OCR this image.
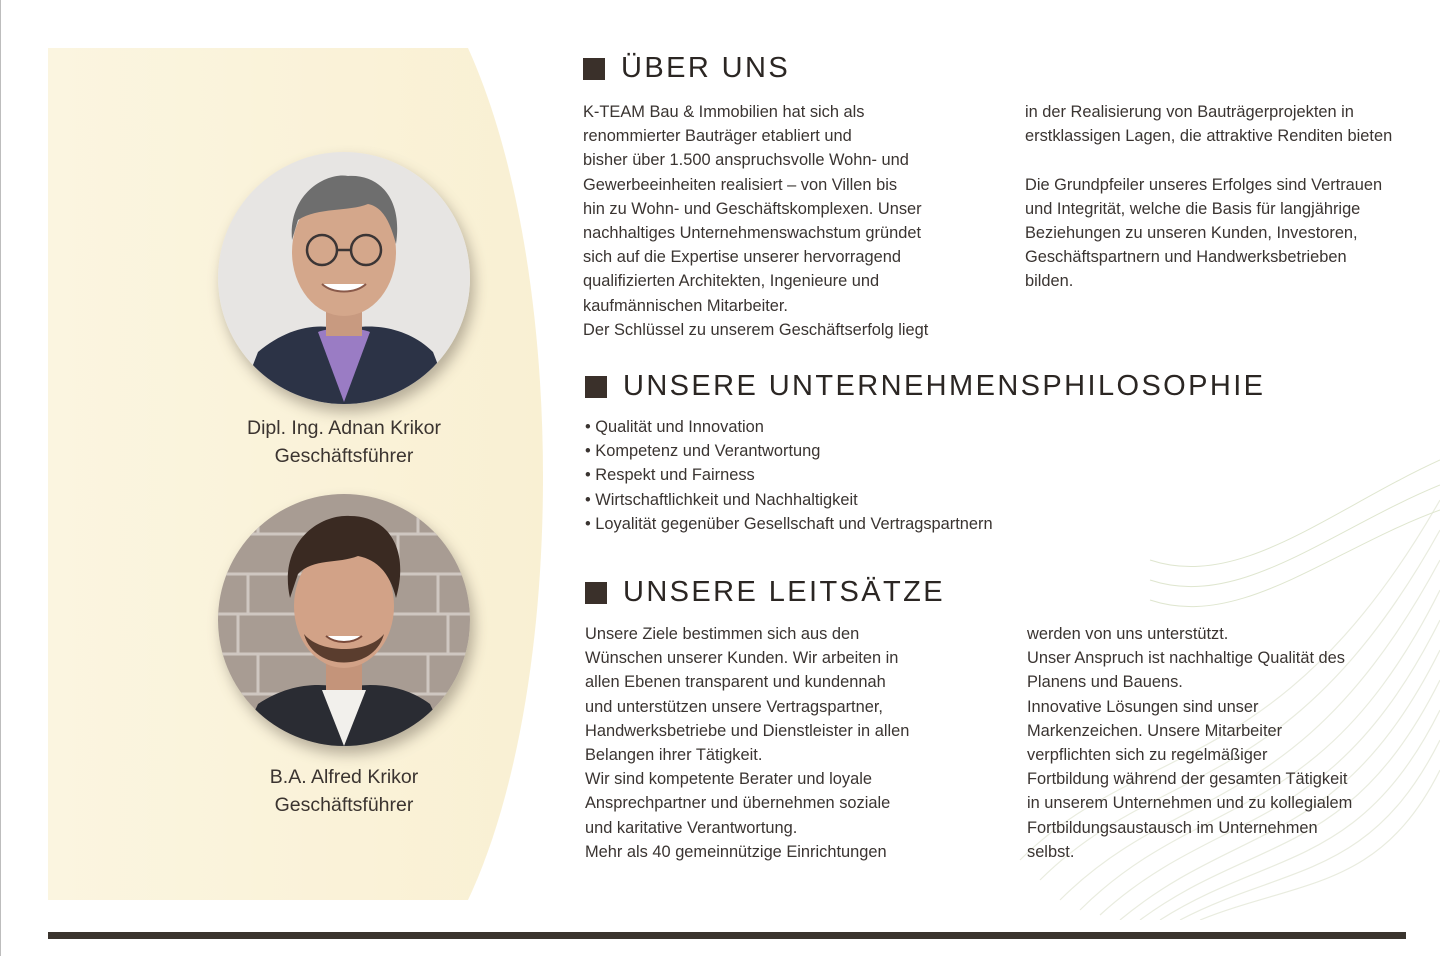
Dipl. Ing. Adnan Krikor
Geschäftsführer
B.A. Alfred Krikor
Geschäftsführer
ÜBER UNS
K-TEAM Bau & Immobilien hat sich als
renommierter Bauträger etabliert und
bisher über 1.500 anspruchsvolle Wohn- und
Gewerbeeinheiten realisiert – von Villen bis
hin zu Wohn- und Geschäftskomplexen. Unser
nachhaltiges Unternehmenswachstum gründet
sich auf die Expertise unserer hervorragend
qualifizierten Architekten, Ingenieure und
kaufmännischen Mitarbeiter.
Der Schlüssel zu unserem Geschäftserfolg liegt
in der Realisierung von Bauträgerprojekten in
erstklassigen Lagen, die attraktive Renditen bieten
Die Grundpfeiler unseres Erfolges sind Vertrauen
und Integrität, welche die Basis für langjährige
Beziehungen zu unseren Kunden, Investoren,
Geschäftspartnern und Handwerksbetrieben
bilden.
UNSERE UNTERNEHMENSPHILOSOPHIE
• Qualität und Innovation
• Kompetenz und Verantwortung
• Respekt und Fairness
• Wirtschaftlichkeit und Nachhaltigkeit
• Loyalität gegenüber Gesellschaft und Vertragspartnern
UNSERE LEITSÄTZE
Unsere Ziele bestimmen sich aus den
Wünschen unserer Kunden. Wir arbeiten in
allen Ebenen transparent und kundennah
und unterstützen unsere Vertragspartner,
Handwerksbetriebe und Dienstleister in allen
Belangen ihrer Tätigkeit.
Wir sind kompetente Berater und loyale
Ansprechpartner und übernehmen soziale
und karitative Verantwortung.
Mehr als 40 gemeinnützige Einrichtungen
werden von uns unterstützt.
Unser Anspruch ist nachhaltige Qualität des
Planens und Bauens.
Innovative Lösungen sind unser
Markenzeichen. Unsere Mitarbeiter
verpflichten sich zu regelmäßiger
Fortbildung während der gesamten Tätigkeit
in unserem Unternehmen und zu kollegialem
Fortbildungsaustausch im Unternehmen
selbst.
